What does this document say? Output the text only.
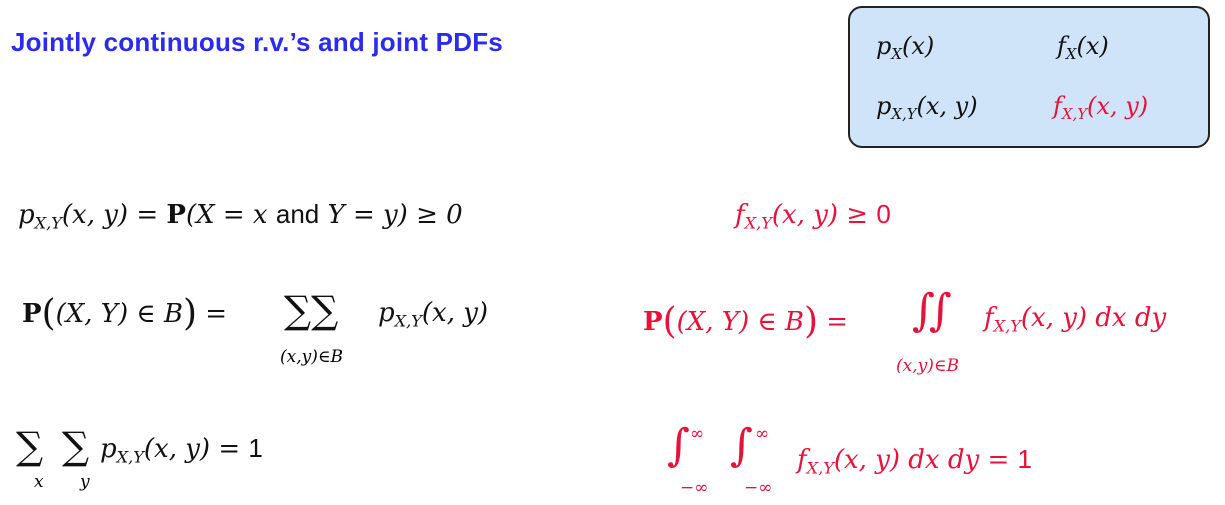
Jointly continuous r.v.’s and joint PDFs	$p_X(x)$	$f_X(x)$
$p_{X,Y}(x$, y)	$f_{X,Y}(x$, y)
$p_{X,Y}(x$, y) = P(X = x and Y = y) ≥ 0	$f_{X,Y}(x$, y) ≥ 0
P((X, Y) ∈ B) = ∑∑ $p_{X,Y}(x$, y)
(x,y)∈B
P((X, Y) ∈ B) = ∫∫ $f_{X,Y}(x$, y) dx dy
(x,y)∈B
∑ ∑
x y
$p_{X,Y}(x$, y) = 1	∫ ∫
∞	∞
−∞ −∞
$f_{X,Y}(x$, y) dx dy = 1
